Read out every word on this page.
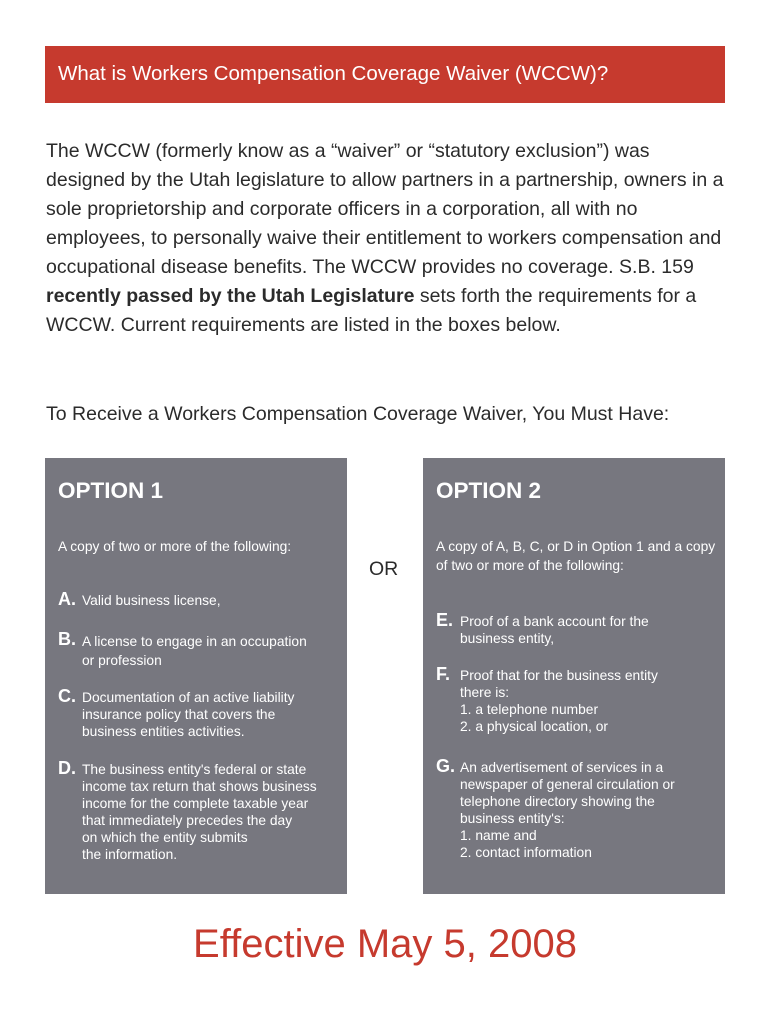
What is Workers Compensation Coverage Waiver (WCCW)?

The WCCW (formerly know as a “waiver” or “statutory exclusion”) was designed by the Utah legislature to allow partners in a partnership, owners in a sole proprietorship and corporate officers in a corporation, all with no employees, to personally waive their entitlement to workers compensation and occupational disease benefits. The WCCW provides no coverage. S.B. 159 recently passed by the Utah Legislature sets forth the requirements for a WCCW. Current requirements are listed in the boxes below.

To Receive a Workers Compensation Coverage Waiver, You Must Have:

OPTION 1

A copy of two or more of the following:

A. Valid business license,
B. A license to engage in an occupation
or profession
C. Documentation of an active liability
insurance policy that covers the
business entities activities.
D. The business entity's federal or state
income tax return that shows business
income for the complete taxable year
that immediately precedes the day
on which the entity submits
the information.
OR
OPTION 2

A copy of A, B, C, or D in Option 1 and a copy of two or more of the following:

E. Proof of a bank account for the
business entity,
F. Proof that for the business entity
there is:
1. a telephone number
2. a physical location, or
G. An advertisement of services in a
newspaper of general circulation or
telephone directory showing the
business entity's:
1. name and
2. contact information
Effective May 5, 2008
